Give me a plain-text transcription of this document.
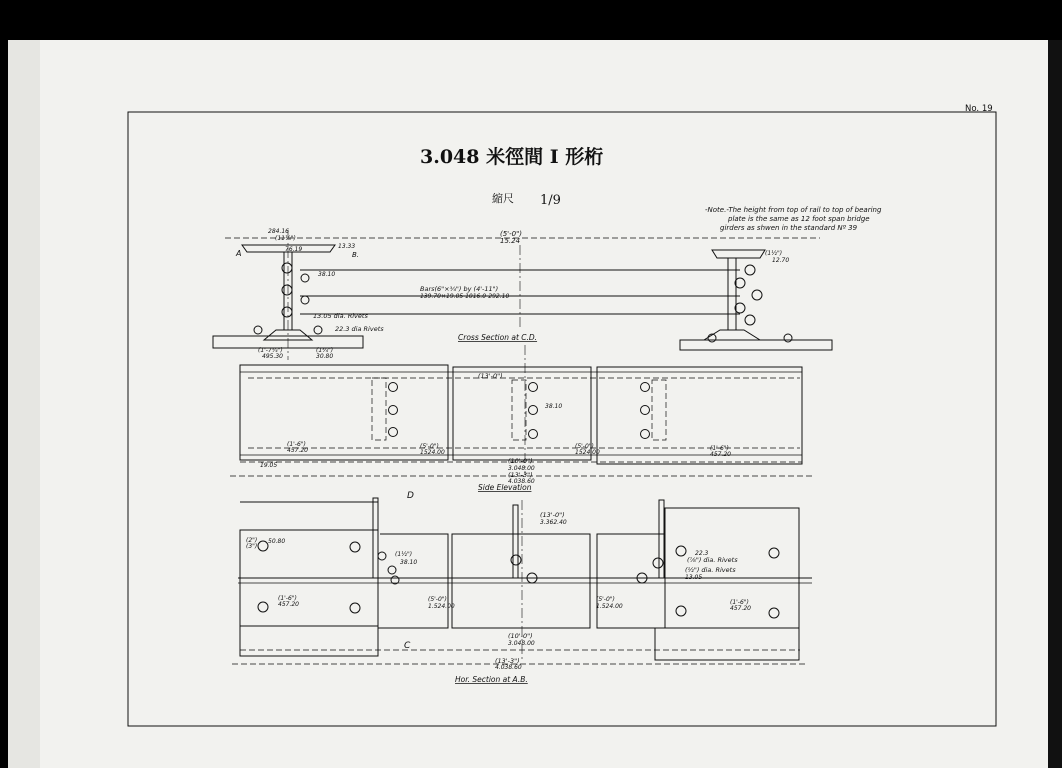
No. 19
3.048 米徑間 I 形桁
縮尺 1/9
-Note.-The height from top of rail to top of bearing
plate is the same as 12 foot span bridge
girders as shwen in the standard Nº 39
(5'-0")
15.24
284.16
(11¼")
76.19	13.33
38.10
A	B.
13.05 dia. Rivets
22.3 dia Rivets
(1'-7¾")
495.30
(1¾")
30.80
Bars(6"×¾") by (4'-11")
139.70×19.05 1016.0-292.10
Cross Section at C.D.
(1½")
12.70
(13'-0")
38.10
(1'-6")
457.20
(5'-0")
1524.00
(10'-0")
3.048.00
(13'-3")
4.038.60
(5'-0")
1524.00
(1'-6")
457.20
19.05
Side Elevation
(13'-0")
3.362.40
(2") 50.80
(3")
(1½")
38.10
(1'-6")
457.20
(5'-0")
1.524.00
(5'-0")
1.524.00
(1'-6")
457.20
(10'-0")
3.048.00
(13'-3")
4.038.60
22.3
(⅞") dia. Rivets
(½") dia. Rivets
13.05
D
C
Hor. Section at A.B.
